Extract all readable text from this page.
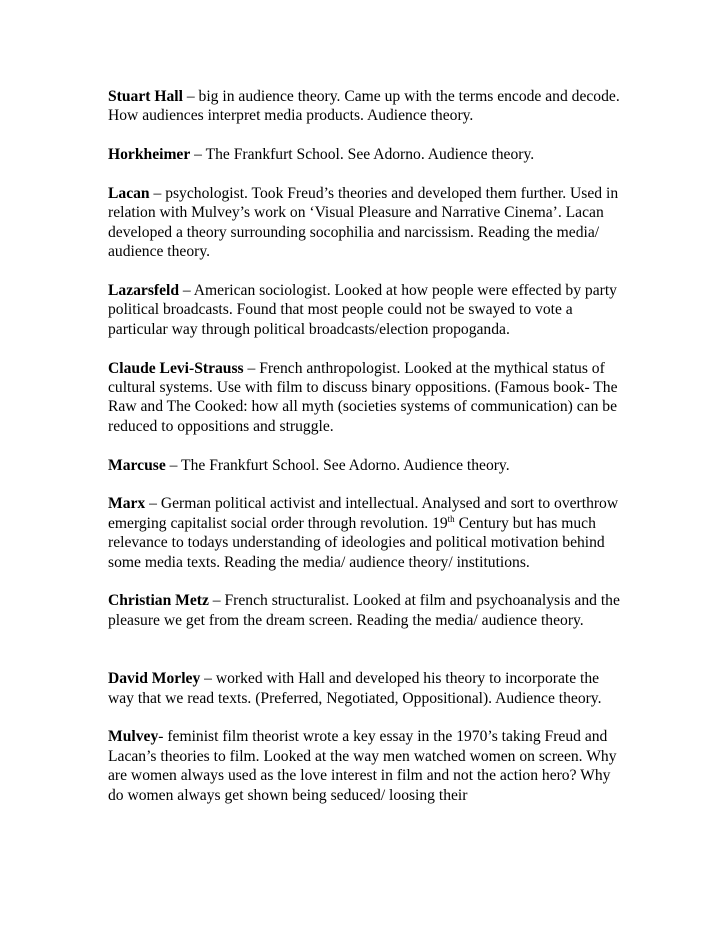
Stuart Hall – big in audience theory. Came up with the terms encode and decode. How audiences interpret media products. Audience theory.

Horkheimer – The Frankfurt School. See Adorno. Audience theory.

Lacan – psychologist. Took Freud’s theories and developed them further. Used in relation with Mulvey’s work on ‘Visual Pleasure and Narrative Cinema’. Lacan developed a theory surrounding socophilia and narcissism. Reading the media/ audience theory.

Lazarsfeld – American sociologist. Looked at how people were effected by party political broadcasts. Found that most people could not be swayed to vote a particular way through political broadcasts/election propoganda.

Claude Levi-Strauss – French anthropologist. Looked at the mythical status of cultural systems. Use with film to discuss binary oppositions. (Famous book- The Raw and The Cooked: how all myth (societies systems of communication) can be reduced to oppositions and struggle.

Marcuse – The Frankfurt School. See Adorno. Audience theory.

Marx – German political activist and intellectual. Analysed and sort to overthrow emerging capitalist social order through revolution. 19th Century but has much relevance to todays understanding of ideologies and political motivation behind some media texts. Reading the media/ audience theory/ institutions.

Christian Metz – French structuralist. Looked at film and psychoanalysis and the pleasure we get from the dream screen. Reading the media/ audience theory.

David Morley – worked with Hall and developed his theory to incorporate the way that we read texts. (Preferred, Negotiated, Oppositional). Audience theory.

Mulvey- feminist film theorist wrote a key essay in the 1970’s taking Freud and Lacan’s theories to film. Looked at the way men watched women on screen. Why are women always used as the love interest in film and not the action hero? Why do women always get shown being seduced/ loosing their
